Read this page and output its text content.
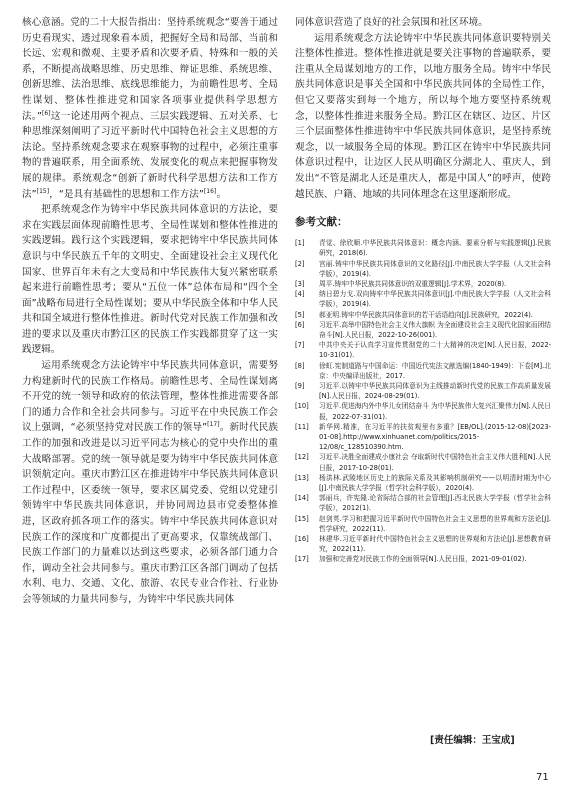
核心意涵。党的二十大报告指出：坚持系统观念“要善于通过历史看现实、透过现象看本质，把握好全局和局部、当前和长远、宏观和微观、主要矛盾和次要矛盾、特殊和一般的关系，不断提高战略思维、历史思维、辩证思维、系统思维、创新思维、法治思维、底线思维能力，为前瞻性思考、全局性谋划、整体性推进党和国家各项事业提供科学思想方法。”[6]这一论述用两个视点、三层实践逻辑、五对关系、七种思维深刻阐明了习近平新时代中国特色社会主义思想的方法论。坚持系统观念要求在观察事物的过程中，必须注重事物的普遍联系，用全面系统、发展变化的观点来把握事物发展的规律。系统观念“创新了新时代科学思想方法和工作方法”[15]，“是具有基础性的思想和工作方法”[16]。

把系统观念作为铸牢中华民族共同体意识的方法论，要求在实践层面体现前瞻性思考、全局性谋划和整体性推进的实践逻辑。践行这个实践逻辑，要求把铸牢中华民族共同体意识与中华民族五千年的文明史、全面建设社会主义现代化国家、世界百年未有之大变局和中华民族伟大复兴紧密联系起来进行前瞻性思考；要从“五位一体”总体布局和“四个全面”战略布局进行全局性谋划；要从中华民族全体和中华人民共和国全域进行整体性推进。新时代党对民族工作加强和改进的要求以及重庆市黔江区的民族工作实践都贯穿了这一实践逻辑。

运用系统观念方法论铸牢中华民族共同体意识，需要努力构建新时代的民族工作格局。前瞻性思考、全局性谋划离不开党的统一领导和政府的依法管理，整体性推进需要各部门的通力合作和全社会共同参与。习近平在中央民族工作会议上强调，“必须坚持党对民族工作的领导”[17]。新时代民族工作的加强和改进是以习近平同志为核心的党中央作出的重大战略部署。党的统一领导就是要为铸牢中华民族共同体意识领航定向。重庆市黔江区在推进铸牢中华民族共同体意识工作过程中，区委统一领导，要求区属党委、党组以党建引领铸牢中华民族共同体意识，并协同周边县市党委整体推进，区政府抓各项工作的落实。铸牢中华民族共同体意识对民族工作的深度和广度都提出了更高要求，仅靠统战部门、民族工作部门的力量难以达到这些要求，必须各部门通力合作，调动全社会共同参与。重庆市黔江区各部门调动了包括水利、电力、交通、文化、旅游、农民专业合作社、行业协会等领域的力量共同参与，为铸牢中华民族共同体

同体意识营造了良好的社会氛围和社区环境。

运用系统观念方法论铸牢中华民族共同体意识要特别关注整体性推进。整体性推进就是要关注事物的普遍联系，要注重从全局谋划地方的工作，以地方服务全局。铸牢中华民族共同体意识是事关全国和中华民族共同体的全局性工作，但它又要落实到每一个地方，所以每个地方要坚持系统观念，以整体性推进来服务全局。黔江区在辖区、边区、片区三个层面整体性推进铸牢中华民族共同体意识，是坚持系统观念，以一域服务全局的体现。黔江区在铸牢中华民族共同体意识过程中，让边区人民从明确区分湖北人、重庆人，到发出“不管是湖北人还是重庆人，都是中国人”的呼声，使跨越民族、户籍、地域的共同体理念在这里逐渐形成。

参考文献：
[1]	青觉、徐欣顺.中华民族共同体意识：概念内涵、要素分析与实践逻辑[J].民族研究，2018(6).
[2]	宫丽.铸牢中华民族共同体意识的文化路径[J].中南民族大学学报（人文社会科学版），2019(4).
[3]	周平.铸牢中华民族共同体意识的双重逻辑[J].学术界，2020(8).
[4]	纳日碧力戈.双向铸牢中华民族共同体意识[J].中南民族大学学报（人文社会科学版），2019(4).
[5]	郝亚明.铸牢中华民族共同体意识的若干话语趋向[J].民族研究，2022(4).
[6]	习近平.高举中国特色社会主义伟大旗帜 为全面建设社会主义现代化国家而团结奋斗[N].人民日报，2022-10-26(001).
[7]	中共中央关于认真学习宣传贯彻党的二十大精神的决定[N].人民日报，2022-10-31(01).
[8]	徐虹.宪制道路与中国命运：中国近代宪法文献选编(1840-1949)：下卷[M].北京：中央编译出版社，2017.
[9]	习近平.以铸牢中华民族共同体意识为主线推动新时代党的民族工作高质量发展[N].人民日报，2024-08-29(01).
[10]	习近平.促进海内外中华儿女团结奋斗 为中华民族伟大复兴汇聚伟力[N].人民日报，2022-07-31(01).
[11]	新华网.精准，在习近平的扶贫观里有多重？[EB/OL].(2015-12-08)[2023-01-08].http://www.xinhuanet.com/politics/2015-12/08/c_128510390.htm.
[12]	习近平.决胜全面建成小康社会 夺取新时代中国特色社会主义伟大胜利[N].人民日报，2017-10-28(01).
[13]	杨洪林.武陵地区历史上的族际关系及其影响机制研究——以明清时期为中心[J].中南民族大学学报（哲学社会科学版），2020(4).
[14]	郭丽兵，许宪隆.论省际结合部的社会管理[J].西北民族大学学报（哲学社会科学版），2012(1).
[15]	赵剑英.学习和把握习近平新时代中国特色社会主义思想的世界观和方法论[J].哲学研究，2022(11).
[16]	林建华.习近平新时代中国特色社会主义思想的世界观和方法论[J].思想教育研究，2022(11).
[17]	加强和完善党对民族工作的全面领导[N].人民日报，2021-09-01(02).
[责任编辑：王宝成]
71
